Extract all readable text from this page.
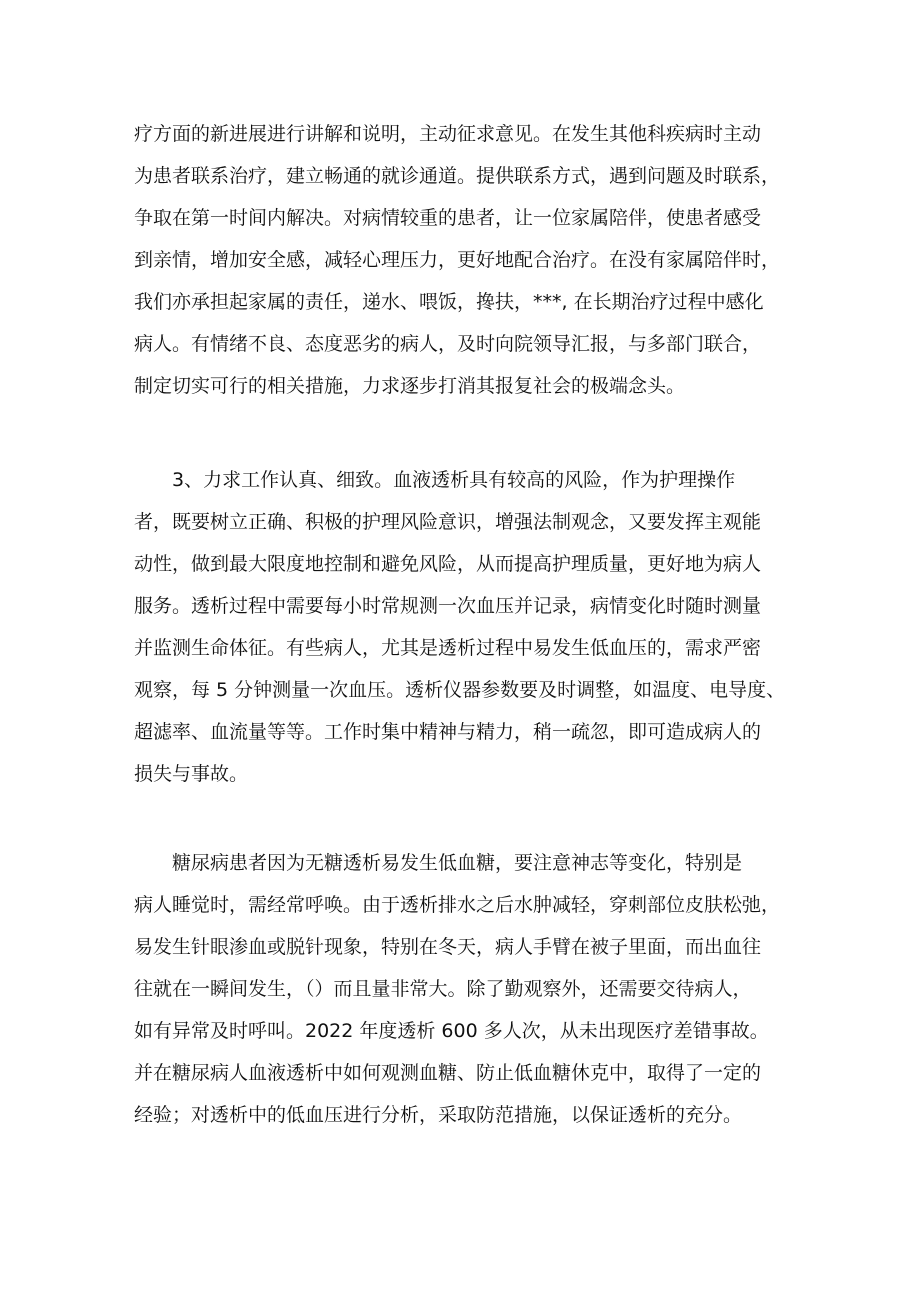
疗方面的新进展进行讲解和说明，主动征求意见。在发生其他科疾病时主动
为患者联系治疗，建立畅通的就诊通道。提供联系方式，遇到问题及时联系，
争取在第一时间内解决。对病情较重的患者，让一位家属陪伴，使患者感受
到亲情，增加安全感，减轻心理压力，更好地配合治疗。在没有家属陪伴时，
我们亦承担起家属的责任，递水、喂饭，搀扶，***, 在长期治疗过程中感化
病人。有情绪不良、态度恶劣的病人，及时向院领导汇报，与多部门联合，
制定切实可行的相关措施，力求逐步打消其报复社会的极端念头。
　　3、力求工作认真、细致。血液透析具有较高的风险，作为护理操作
者，既要树立正确、积极的护理风险意识，增强法制观念，又要发挥主观能
动性，做到最大限度地控制和避免风险，从而提高护理质量，更好地为病人
服务。透析过程中需要每小时常规测一次血压并记录，病情变化时随时测量
并监测生命体征。有些病人，尤其是透析过程中易发生低血压的，需求严密
观察，每 5 分钟测量一次血压。透析仪器参数要及时调整，如温度、电导度、
超滤率、血流量等等。工作时集中精神与精力，稍一疏忽，即可造成病人的
损失与事故。
　　糖尿病患者因为无糖透析易发生低血糖，要注意神志等变化，特别是
病人睡觉时，需经常呼唤。由于透析排水之后水肿减轻，穿刺部位皮肤松弛，
易发生针眼渗血或脱针现象，特别在冬天，病人手臂在被子里面，而出血往
往就在一瞬间发生，（）而且量非常大。除了勤观察外，还需要交待病人，
如有异常及时呼叫。2022 年度透析 600 多人次，从未出现医疗差错事故。
并在糖尿病人血液透析中如何观测血糖、防止低血糖休克中，取得了一定的
经验；对透析中的低血压进行分析，采取防范措施，以保证透析的充分。
